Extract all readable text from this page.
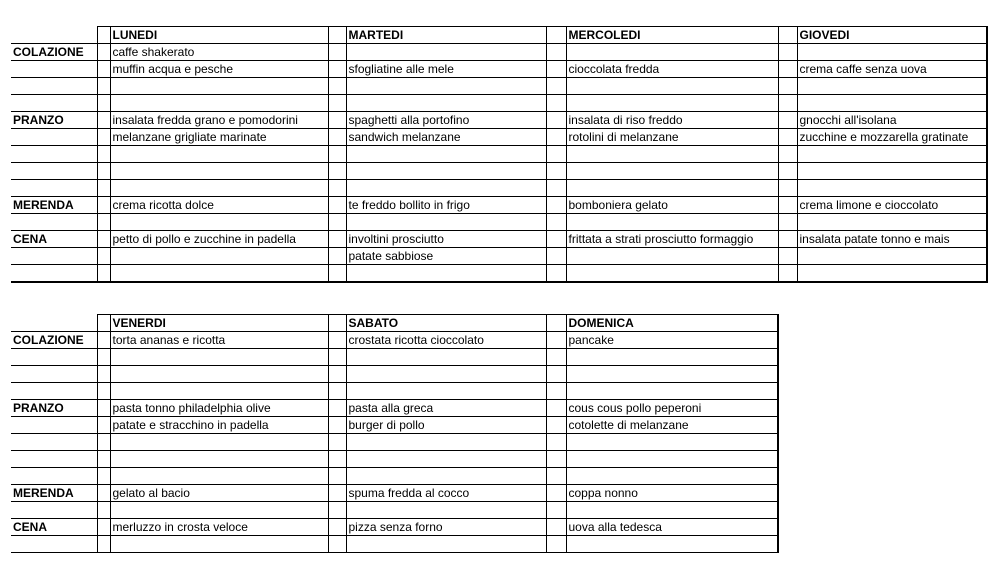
		LUNEDI		MARTEDI		MERCOLEDI		GIOVEDI
COLAZIONE		caffe shakerato						
		muffin acqua e pesche		sfogliatine alle mele		cioccolata fredda		crema caffe senza uova

PRANZO		insalata fredda grano e pomodorini		spaghetti alla portofino		insalata di riso freddo		gnocchi all'isolana
		melanzane grigliate marinate		sandwich melanzane		rotolini di melanzane		zucchine e mozzarella gratinate

MERENDA		crema ricotta dolce		te freddo bollito in frigo		bomboniera gelato		crema limone e cioccolato

CENA		petto di pollo e zucchine in padella		involtini prosciutto		frittata a strati prosciutto formaggio		insalata patate tonno e mais
				patate sabbiose				

		VENERDI		SABATO		DOMENICA
COLAZIONE		torta ananas e ricotta		crostata ricotta cioccolato		pancake

PRANZO		pasta tonno philadelphia olive		pasta alla greca		cous cous pollo peperoni
		patate e stracchino in padella		burger di pollo		cotolette di melanzane

MERENDA		gelato al bacio		spuma fredda al cocco		coppa nonno

CENA		merluzzo in crosta veloce		pizza senza forno		uova alla tedesca
